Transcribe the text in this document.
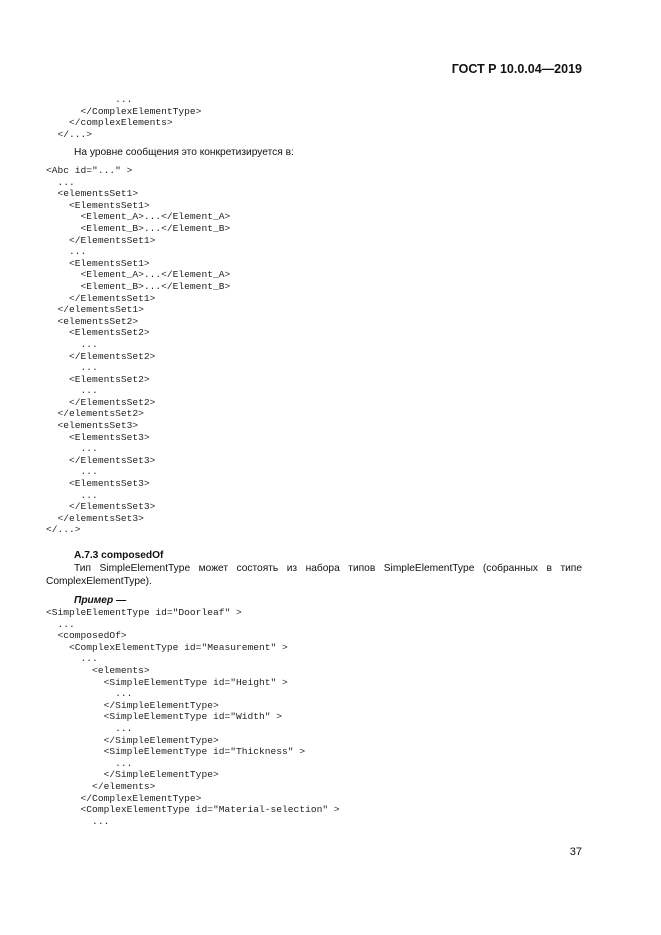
ГОСТ Р 10.0.04—2019
...
</ComplexElementType>
</complexElements>
</...>
На уровне сообщения это конкретизируется в:
<Abc id="..." >
...
<elementsSet1>
<ElementsSet1>
<Element_A>...</Element_A>
<Element_B>...</Element_B>
</ElementsSet1>
...
<ElementsSet1>
<Element_A>...</Element_A>
<Element_B>...</Element_B>
</ElementsSet1>
</elementsSet1>
<elementsSet2>
<ElementsSet2>
...
</ElementsSet2>
...
<ElementsSet2>
...
</ElementsSet2>
</elementsSet2>
<elementsSet3>
<ElementsSet3>
...
</ElementsSet3>
...
<ElementsSet3>
...
</ElementsSet3>
</elementsSet3>
</...>
A.7.3 composedOf
Тип SimpleElementType может состоять из набора типов SimpleElementType (собранных в типе ComplexElementType).
Пример —
<SimpleElementType id="Doorleaf" >
...
<composedOf>
<ComplexElementType id="Measurement" >
...
<elements>
<SimpleElementType id="Height" >
...
</SimpleElementType>
<SimpleElementType id="Width" >
...
</SimpleElementType>
<SimpleElementType id="Thickness" >
...
</SimpleElementType>
</elements>
</ComplexElementType>
<ComplexElementType id="Material-selection" >
...
37
